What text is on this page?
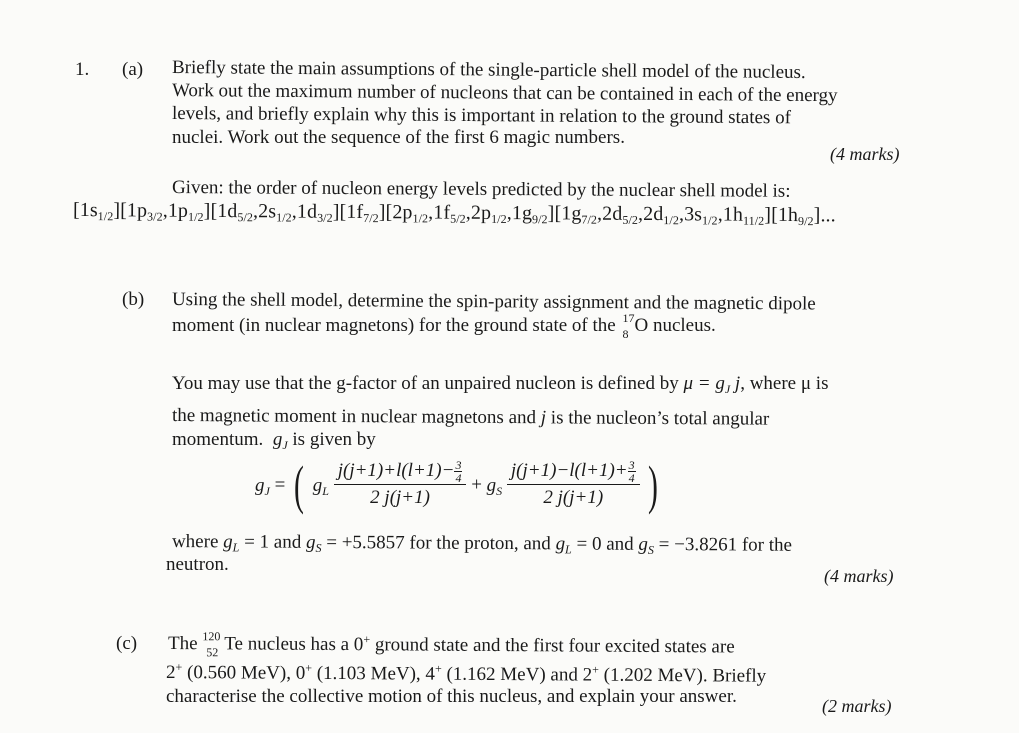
1. (a) Briefly state the main assumptions of the single-particle shell model of the nucleus.
Work out the maximum number of nucleons that can be contained in each of the energy
levels, and briefly explain why this is important in relation to the ground states of
nuclei. Work out the sequence of the first 6 magic numbers.
(4 marks)
Given: the order of nucleon energy levels predicted by the nuclear shell model is:
$[1s_{1/2}][1p_{3/2},1p_{1/2}][1d_{5/2},2s_{1/2},1d_{3/2}][1f_{7/2}][2p_{1/2},1f_{5/2},2p_{1/2},1g_{9/2}][1g_{7/2},2d_{5/2},2d_{1/2},3s_{1/2},1h_{11/2}][1h_{9/2}]$...
(b) Using the shell model, determine the spin-parity assignment and the magnetic dipole
moment (in nuclear magnetons) for the ground state of the 17
8 O nucleus.
You may use that the g-factor of an unpaired nucleon is defined by $\mu = g_J$ j, where μ is
the magnetic moment in nuclear magnetons and j is the nucleon’s total angular
momentum. $g_J$ is given by
$g_J$ = ( $g_L \frac{j(j+1)+l(l+1)- \frac{3}{4}}{2 j(j+1)} + g_S \frac{j(j+1)-l(l+1)+ \frac{3}{4}}{2 j(j+1)}$ )
where $g_L = 1$ and $g_S = +5.5857$ for the proton, and $g_L = 0$ and $g_S = -3.8261$ for the
neutron.
(4 marks)
(c) The 120
52 Te nucleus has a 0+ ground state and the first four excited states are
2+ (0.560 MeV), 0+ (1.103 MeV), 4+ (1.162 MeV) and 2+ (1.202 MeV). Briefly
characterise the collective motion of this nucleus, and explain your answer.	(2 marks)
